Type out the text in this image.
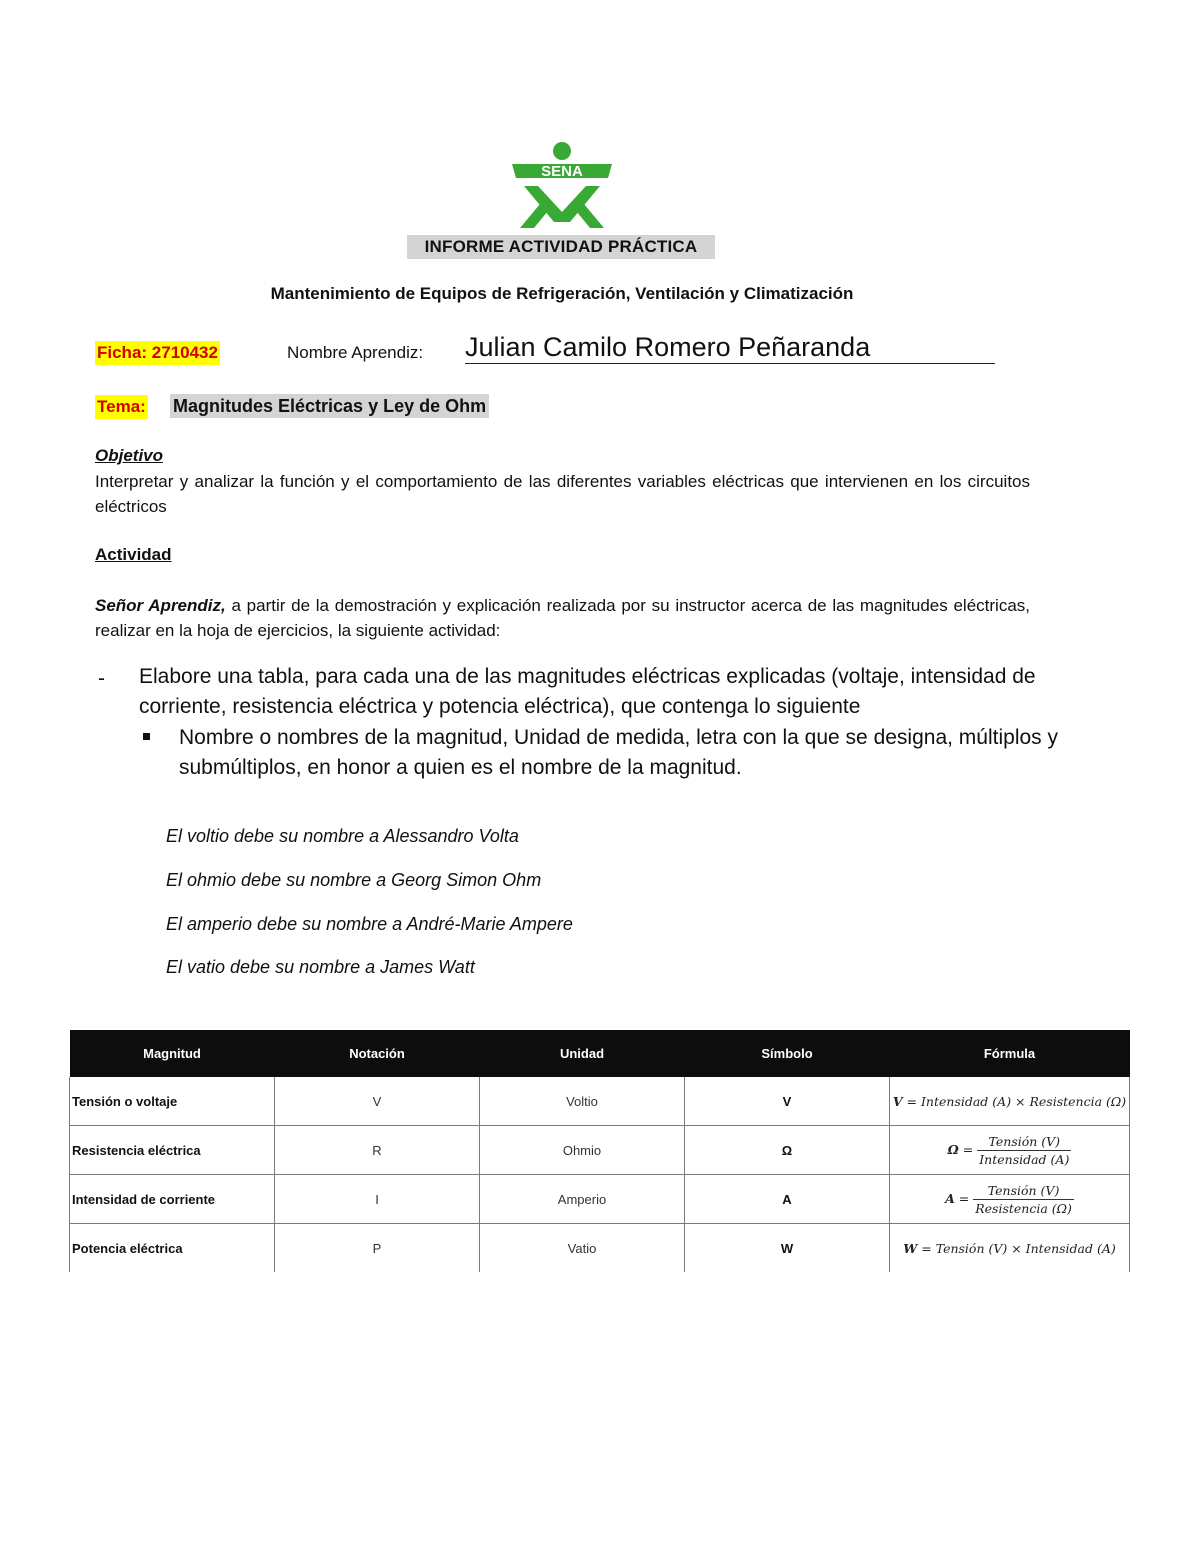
SENA
INFORME ACTIVIDAD PRÁCTICA
Mantenimiento de Equipos de Refrigeración, Ventilación y Climatización
Ficha: 2710432	Nombre Aprendiz: Julian Camilo Romero Peñaranda
Tema: Magnitudes Eléctricas y Ley de Ohm
Objetivo
Interpretar y analizar la función y el comportamiento de las diferentes variables eléctricas que intervienen en los circuitos eléctricos
Actividad
Señor Aprendiz, a partir de la demostración y explicación realizada por su instructor acerca de las magnitudes eléctricas, realizar en la hoja de ejercicios, la siguiente actividad:
- Elabore una tabla, para cada una de las magnitudes eléctricas explicadas (voltaje, intensidad de corriente, resistencia eléctrica y potencia eléctrica), que contenga lo siguiente
Nombre o nombres de la magnitud, Unidad de medida, letra con la que se designa, múltiplos y submúltiplos, en honor a quien es el nombre de la magnitud.
El voltio debe su nombre a Alessandro Volta
El ohmio debe su nombre a Georg Simon Ohm
El amperio debe su nombre a André-Marie Ampere
El vatio debe su nombre a James Watt
Magnitud	Notación	Unidad	Símbolo	Fórmula
Tensión o voltaje	V	Voltio	V	V = Intensidad (A) × Resistencia (Ω)
Resistencia eléctrica	R	Ohmio	Ω	$\Omega = \frac{\text{Tensión (V)}}{\text{Intensidad (A)}}$

Intensidad de corriente	I	Amperio	A	$A = \frac{\text{Tensión (V)}}{\text{Resistencia (Ω)}}$

Potencia eléctrica	P	Vatio	W	W = Tensión (V) × Intensidad (A)
